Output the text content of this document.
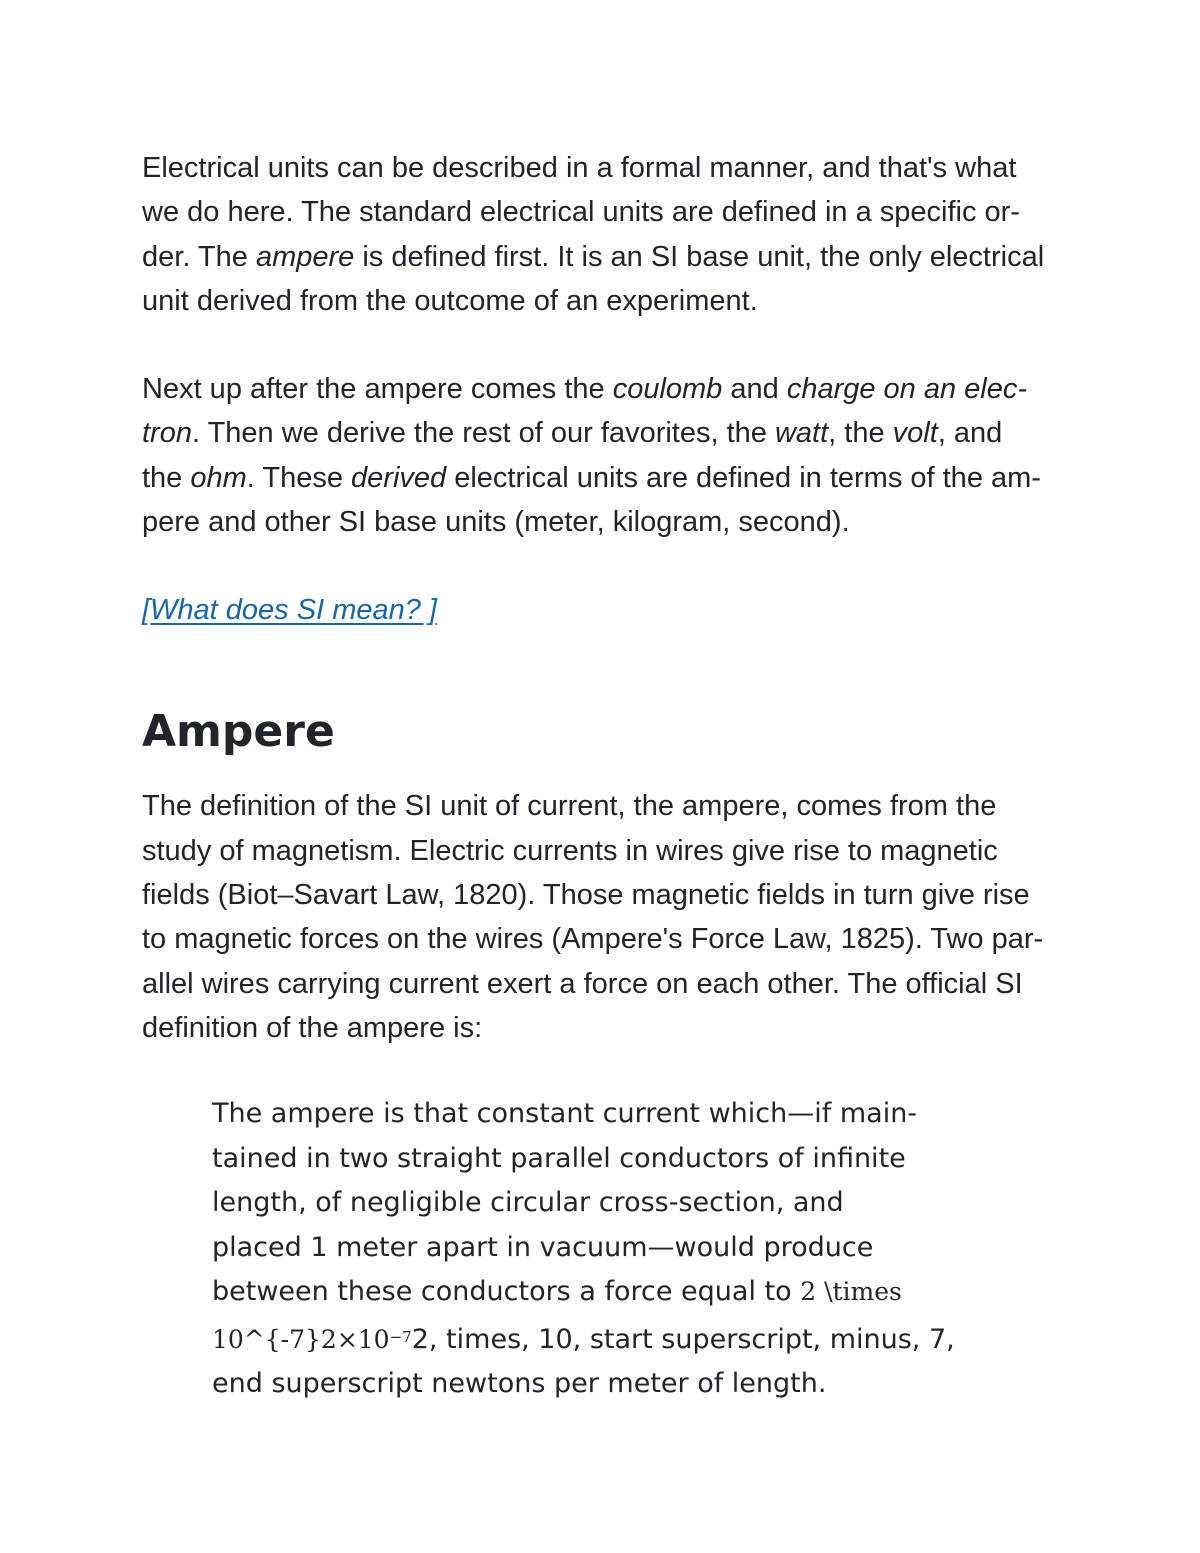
Electrical units can be described in a formal manner, and that's what
we do here. The standard electrical units are defined in a specific or-
der. The ampere is defined first. It is an SI base unit, the only electrical
unit derived from the outcome of an experiment.

Next up after the ampere comes the coulomb and charge on an elec-
tron. Then we derive the rest of our favorites, the watt, the volt, and
the ohm. These derived electrical units are defined in terms of the am-
pere and other SI base units (meter, kilogram, second).

[What does SI mean? ]
Ampere

The definition of the SI unit of current, the ampere, comes from the
study of magnetism. Electric currents in wires give rise to magnetic
fields (Biot–Savart Law, 1820). Those magnetic fields in turn give rise
to magnetic forces on the wires (Ampere's Force Law, 1825). Two par-
allel wires carrying current exert a force on each other. The official SI
definition of the ampere is:

The ampere is that constant current which—if main-
tained in two straight parallel conductors of infinite
length, of negligible circular cross-section, and
placed 1 meter apart in vacuum—would produce
between these conductors a force equal to 2 \times
$10\^{}\{-7\}2\times 10^{-7}2$, times, 10, start superscript, minus, 7,
end superscript newtons per meter of length.
